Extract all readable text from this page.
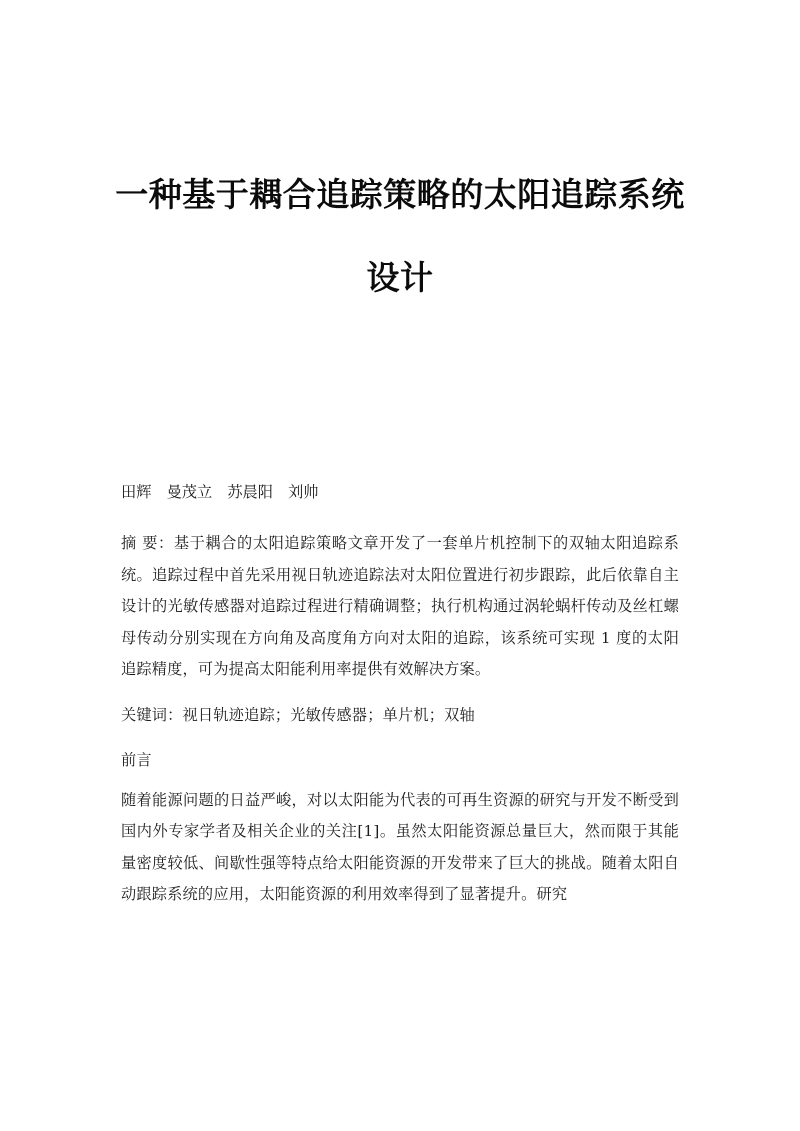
一种基于耦合追踪策略的太阳追踪系统
设计

田辉　曼茂立　苏晨阳　刘帅

摘 要：基于耦合的太阳追踪策略文章开发了一套单片机控制下的双轴太阳追踪系统。追踪过程中首先采用视日轨迹追踪法对太阳位置进行初步跟踪，此后依靠自主设计的光敏传感器对追踪过程进行精确调整；执行机构通过涡轮蜗杆传动及丝杠螺母传动分别实现在方向角及高度角方向对太阳的追踪，该系统可实现 1 度的太阳追踪精度，可为提高太阳能利用率提供有效解决方案。

关键词：视日轨迹追踪；光敏传感器；单片机；双轴

前言

随着能源问题的日益严峻，对以太阳能为代表的可再生资源的研究与开发不断受到国内外专家学者及相关企业的关注[1]。虽然太阳能资源总量巨大，然而限于其能量密度较低、间歇性强等特点给太阳能资源的开发带来了巨大的挑战。随着太阳自动跟踪系统的应用，太阳能资源的利用效率得到了显著提升。研究
